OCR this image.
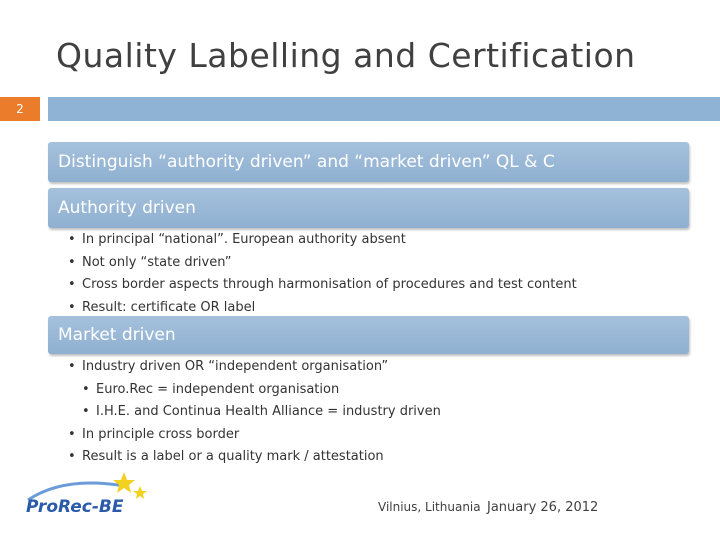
Quality Labelling and Certification
2
Distinguish “authority driven” and “market driven” QL & C
Authority driven
• In principal “national”. European authority absent
• Not only “state driven”
• Cross border aspects through harmonisation of procedures and test content
• Result: certificate OR label
Market driven
• Industry driven OR “independent organisation”
• Euro.Rec = independent organisation
• I.H.E. and Continua Health Alliance = industry driven
• In principle cross border
• Result is a label or a quality mark / attestation
ProRec-BE	Vilnius, Lithuania January 26, 2012
